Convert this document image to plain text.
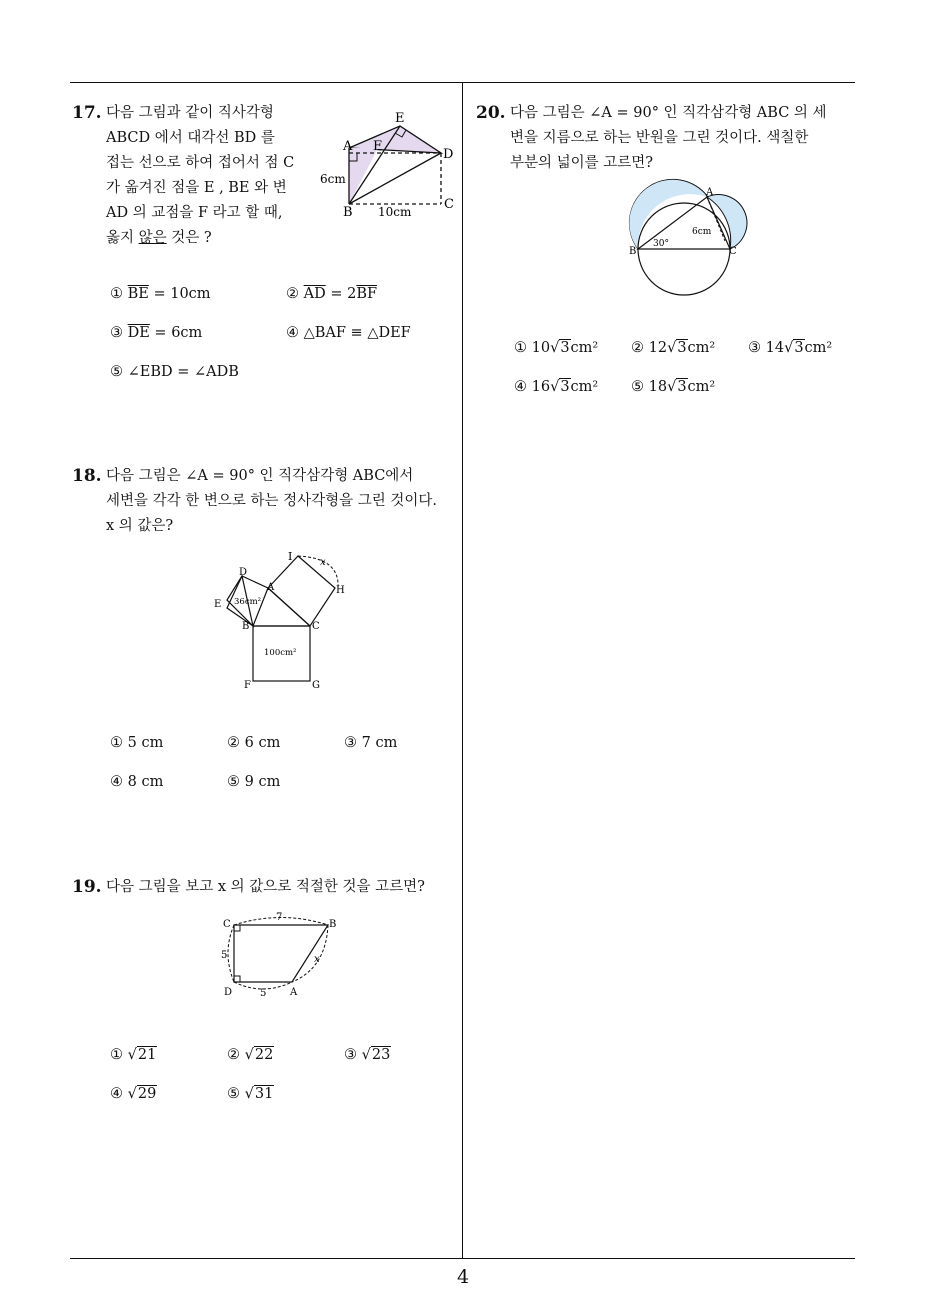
17. 다음 그림과 같이 직사각형
ABCD 에서 대각선 BD 를
접는 선으로 하여 접어서 점 C
가 옮겨진 점을 E , BE 와 변
AD 의 교점을 F 라고 할 때,
옳지 않은 것은 ?
E
A F
D
B
C
6cm
10cm
① $\overline{BE} = 10cm$	② $\overline{AD} = 2\overline{BF}$
③ $\overline{DE} = 6cm$	④ △BAF ≡ △DEF
⑤ ∠EBD = ∠ADB
18. 다음 그림은 ∠A = 90° 인 직각삼각형 ABC에서
세변을 각각 한 변으로 하는 정사각형을 그린 것이다.
x 의 값은?
I	x
D
A	H
E 36cm²
B	C
100cm²
F	G
① 5 cm	② 6 cm	③ 7 cm
④ 8 cm	⑤ 9 cm
19. 다음 그림을 보고 x 의 값으로 적절한 것을 고르면?
C	B
D	A
7
5
5
x
① √21	② √22	③ √23
④ √29	⑤ √31
20. 다음 그림은 ∠A = 90° 인 직각삼각형 ABC 의 세
변을 지름으로 하는 반원을 그린 것이다. 색칠한
부분의 넓이를 고르면?
A
B	C
30°
6cm
① 10√3cm² ② 12√3cm² ③ 14√3cm²
④ 16√3cm² ⑤ 18√3cm²
4
